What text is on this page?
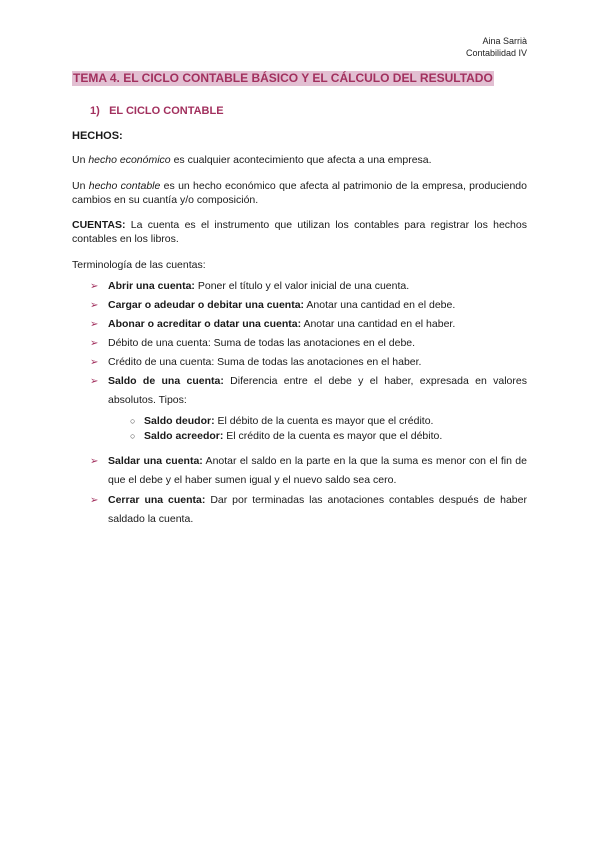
Aina Sarrià
Contabilidad IV
TEMA 4. EL CICLO CONTABLE BÁSICO Y EL CÁLCULO DEL RESULTADO
1) EL CICLO CONTABLE
HECHOS:
Un hecho económico es cualquier acontecimiento que afecta a una empresa.
Un hecho contable es un hecho económico que afecta al patrimonio de la empresa, produciendo cambios en su cuantía y/o composición.
CUENTAS: La cuenta es el instrumento que utilizan los contables para registrar los hechos contables en los libros.
Terminología de las cuentas:
➢ Abrir una cuenta: Poner el título y el valor inicial de una cuenta.
➢ Cargar o adeudar o debitar una cuenta: Anotar una cantidad en el debe.
➢ Abonar o acreditar o datar una cuenta: Anotar una cantidad en el haber.
➢ Débito de una cuenta: Suma de todas las anotaciones en el debe.
➢ Crédito de una cuenta: Suma de todas las anotaciones en el haber.
➢ Saldo de una cuenta: Diferencia entre el debe y el haber, expresada en valores absolutos. Tipos:
○ Saldo deudor: El débito de la cuenta es mayor que el crédito.
○ Saldo acreedor: El crédito de la cuenta es mayor que el débito.
➢ Saldar una cuenta: Anotar el saldo en la parte en la que la suma es menor con el fin de que el debe y el haber sumen igual y el nuevo saldo sea cero.
➢ Cerrar una cuenta: Dar por terminadas las anotaciones contables después de haber saldado la cuenta.
